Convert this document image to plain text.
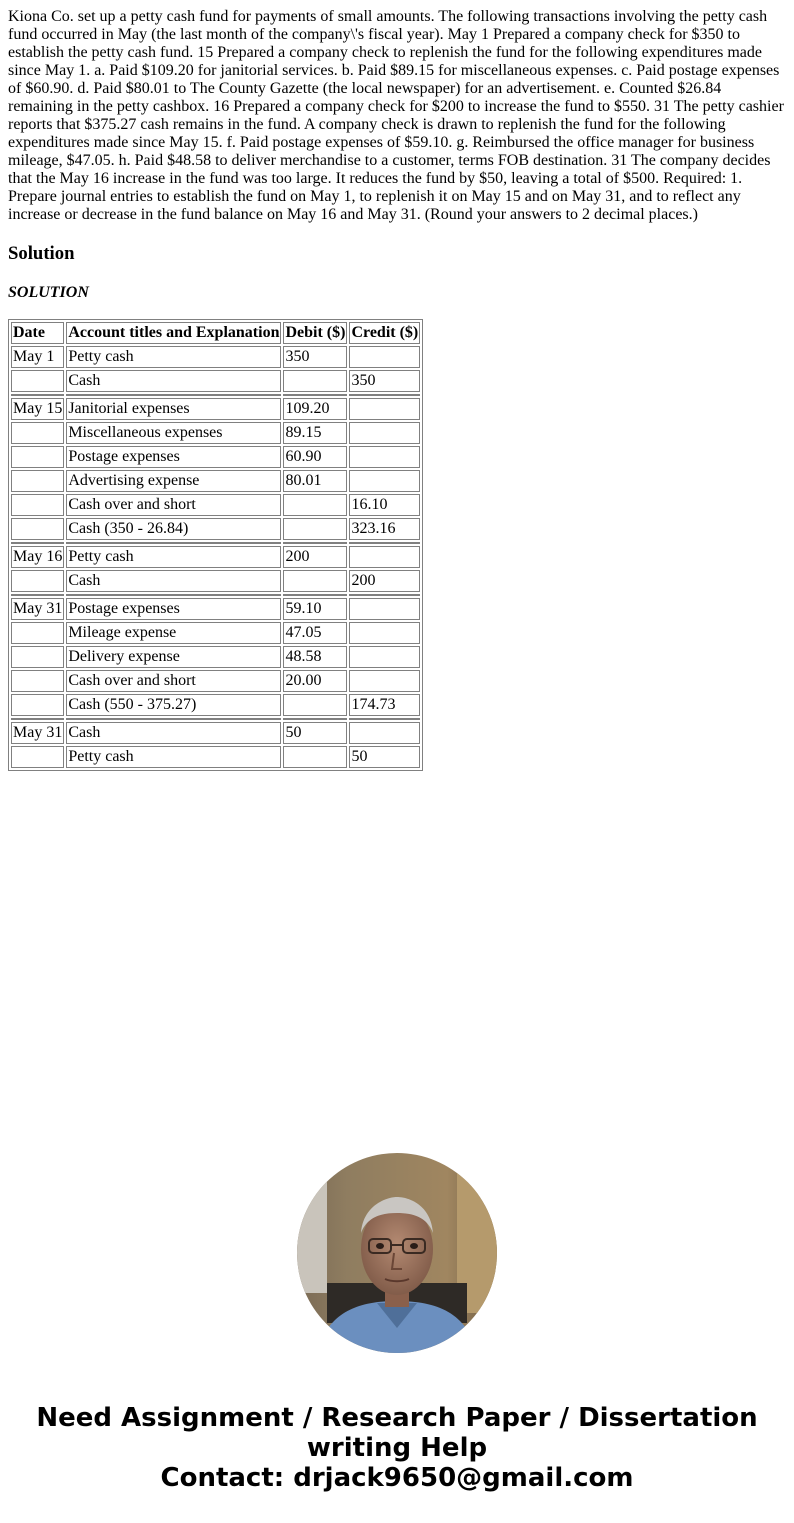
Kiona Co. set up a petty cash fund for payments of small amounts. The following transactions involving the petty cash fund occurred in May (the last month of the company\'s fiscal year). May 1 Prepared a company check for $350 to establish the petty cash fund. 15 Prepared a company check to replenish the fund for the following expenditures made since May 1. a. Paid $109.20 for janitorial services. b. Paid $89.15 for miscellaneous expenses. c. Paid postage expenses of $60.90. d. Paid $80.01 to The County Gazette (the local newspaper) for an advertisement. e. Counted $26.84 remaining in the petty cashbox. 16 Prepared a company check for $200 to increase the fund to $550. 31 The petty cashier reports that $375.27 cash remains in the fund. A company check is drawn to replenish the fund for the following expenditures made since May 15. f. Paid postage expenses of $59.10. g. Reimbursed the office manager for business mileage, $47.05. h. Paid $48.58 to deliver merchandise to a customer, terms FOB destination. 31 The company decides that the May 16 increase in the fund was too large. It reduces the fund by $50, leaving a total of $500. Required: 1. Prepare journal entries to establish the fund on May 1, to replenish it on May 15 and on May 31, and to reflect any increase or decrease in the fund balance on May 16 and May 31. (Round your answers to 2 decimal places.)

Solution
SOLUTION
Date	Account titles and Explanation	Debit ($)	Credit ($)
May 1	Petty cash	350	
	Cash		350

May 15	Janitorial expenses	109.20	
	Miscellaneous expenses	89.15	
	Postage expenses	60.90	
	Advertising expense	80.01	
	Cash over and short		16.10
	Cash (350 - 26.84)		323.16

May 16	Petty cash	200	
	Cash		200

May 31	Postage expenses	59.10	
	Mileage expense	47.05	
	Delivery expense	48.58	
	Cash over and short	20.00	
	Cash (550 - 375.27)		174.73

May 31	Cash	50	
	Petty cash		50
Need Assignment / Research Paper / Dissertation
writing Help
Contact: drjack9650@gmail.com
